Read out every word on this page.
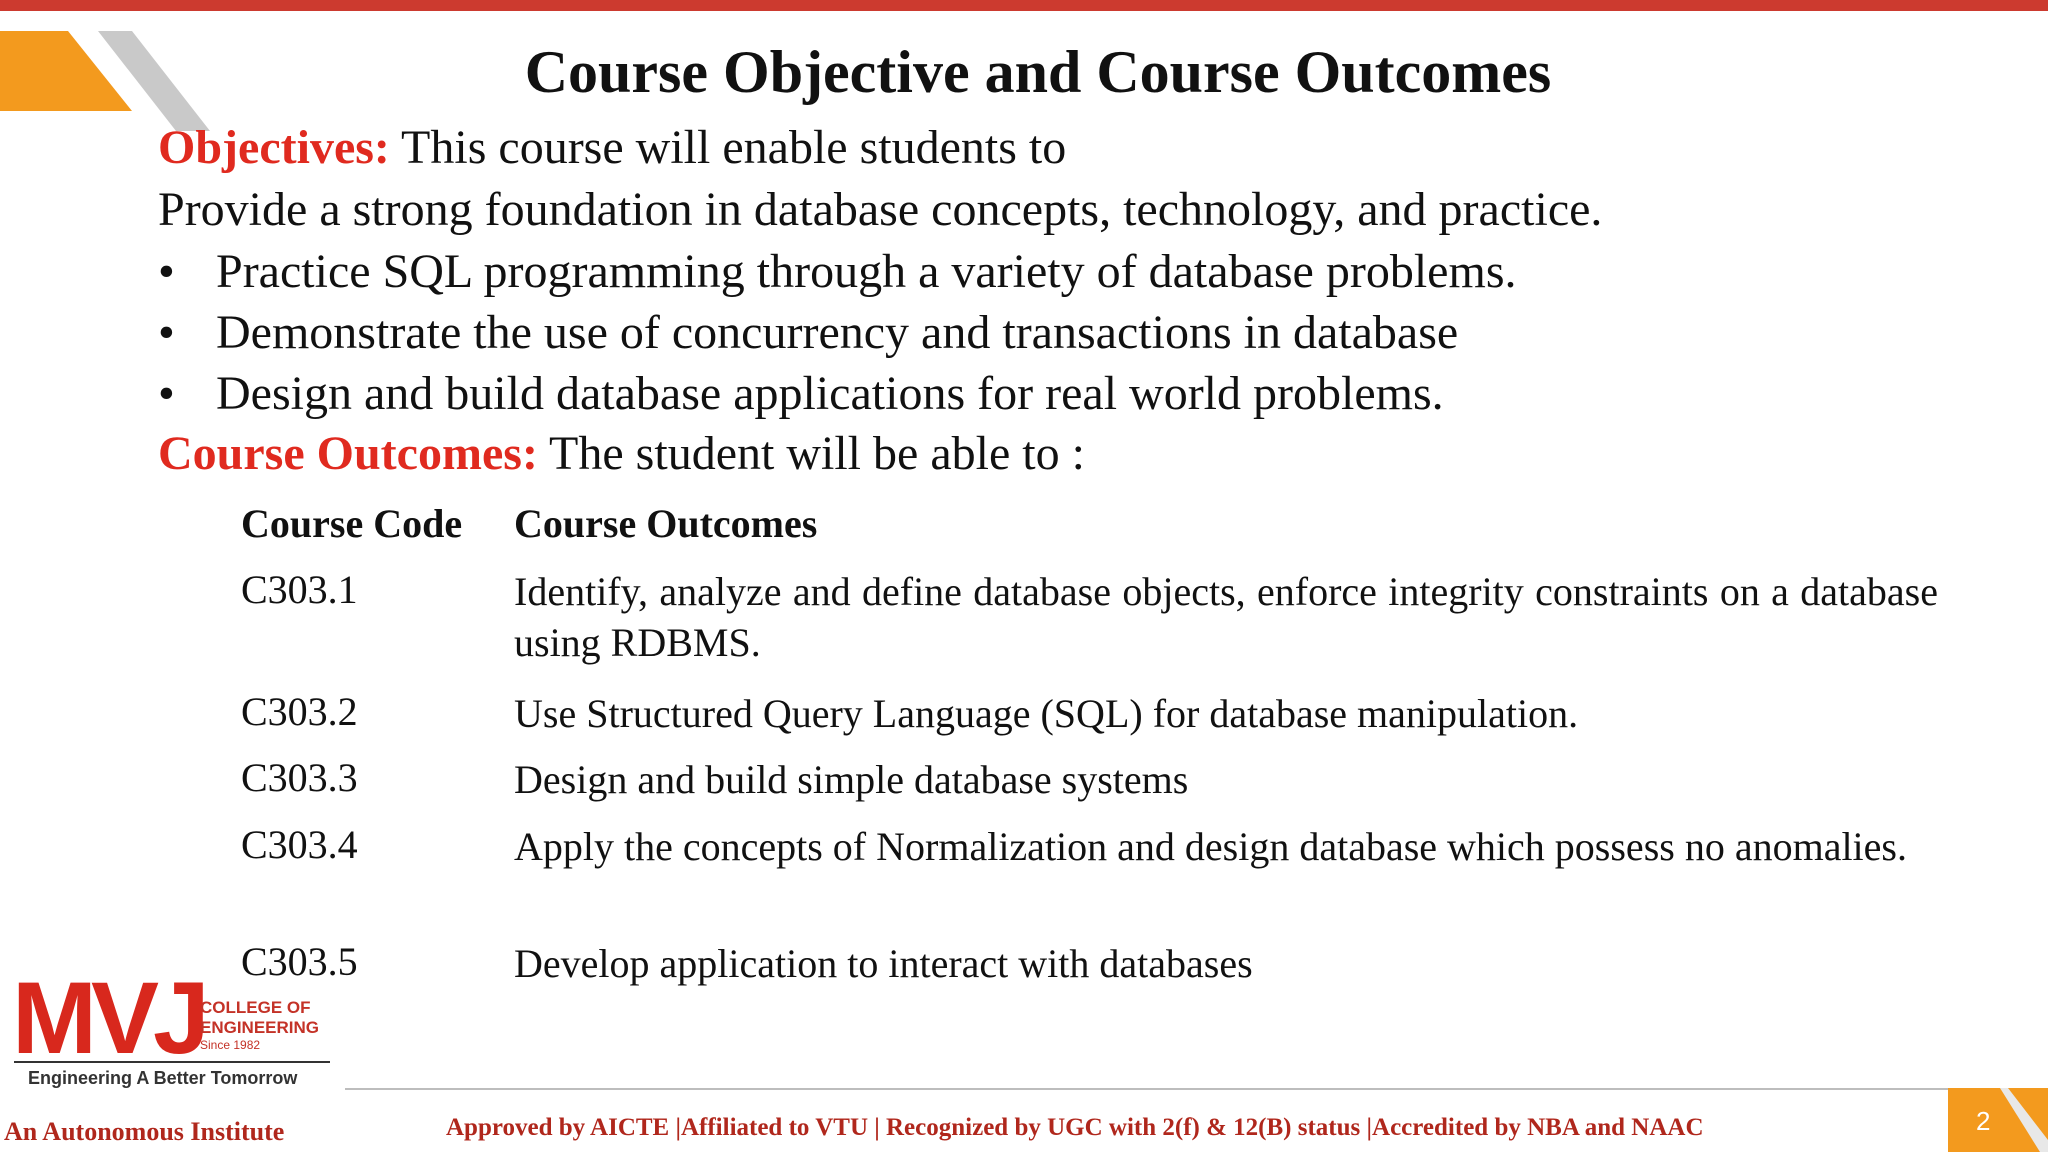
Course Objective and Course Outcomes
Objectives: This course will enable students to
Provide a strong foundation in database concepts, technology, and practice.
• Practice SQL programming through a variety of database problems.
• Demonstrate the use of concurrency and transactions in database
• Design and build database applications for real world problems.
Course Outcomes: The student will be able to :
Course Code Course Outcomes
C303.1	Identify, analyze and define database objects, enforce integrity constraints on a database using RDBMS.
C303.2	Use Structured Query Language (SQL) for database manipulation.
C303.3	Design and build simple database systems
C303.4	Apply the concepts of Normalization and design database which possess no anomalies.
C303.5	Develop application to interact with databases
MVJ
COLLEGE OF
ENGINEERING
Since 1982
Engineering A Better Tomorrow
An Autonomous Institute	Approved by AICTE |Affiliated to VTU | Recognized by UGC with 2(f) & 12(B) status |Accredited by NBA and NAAC	2
